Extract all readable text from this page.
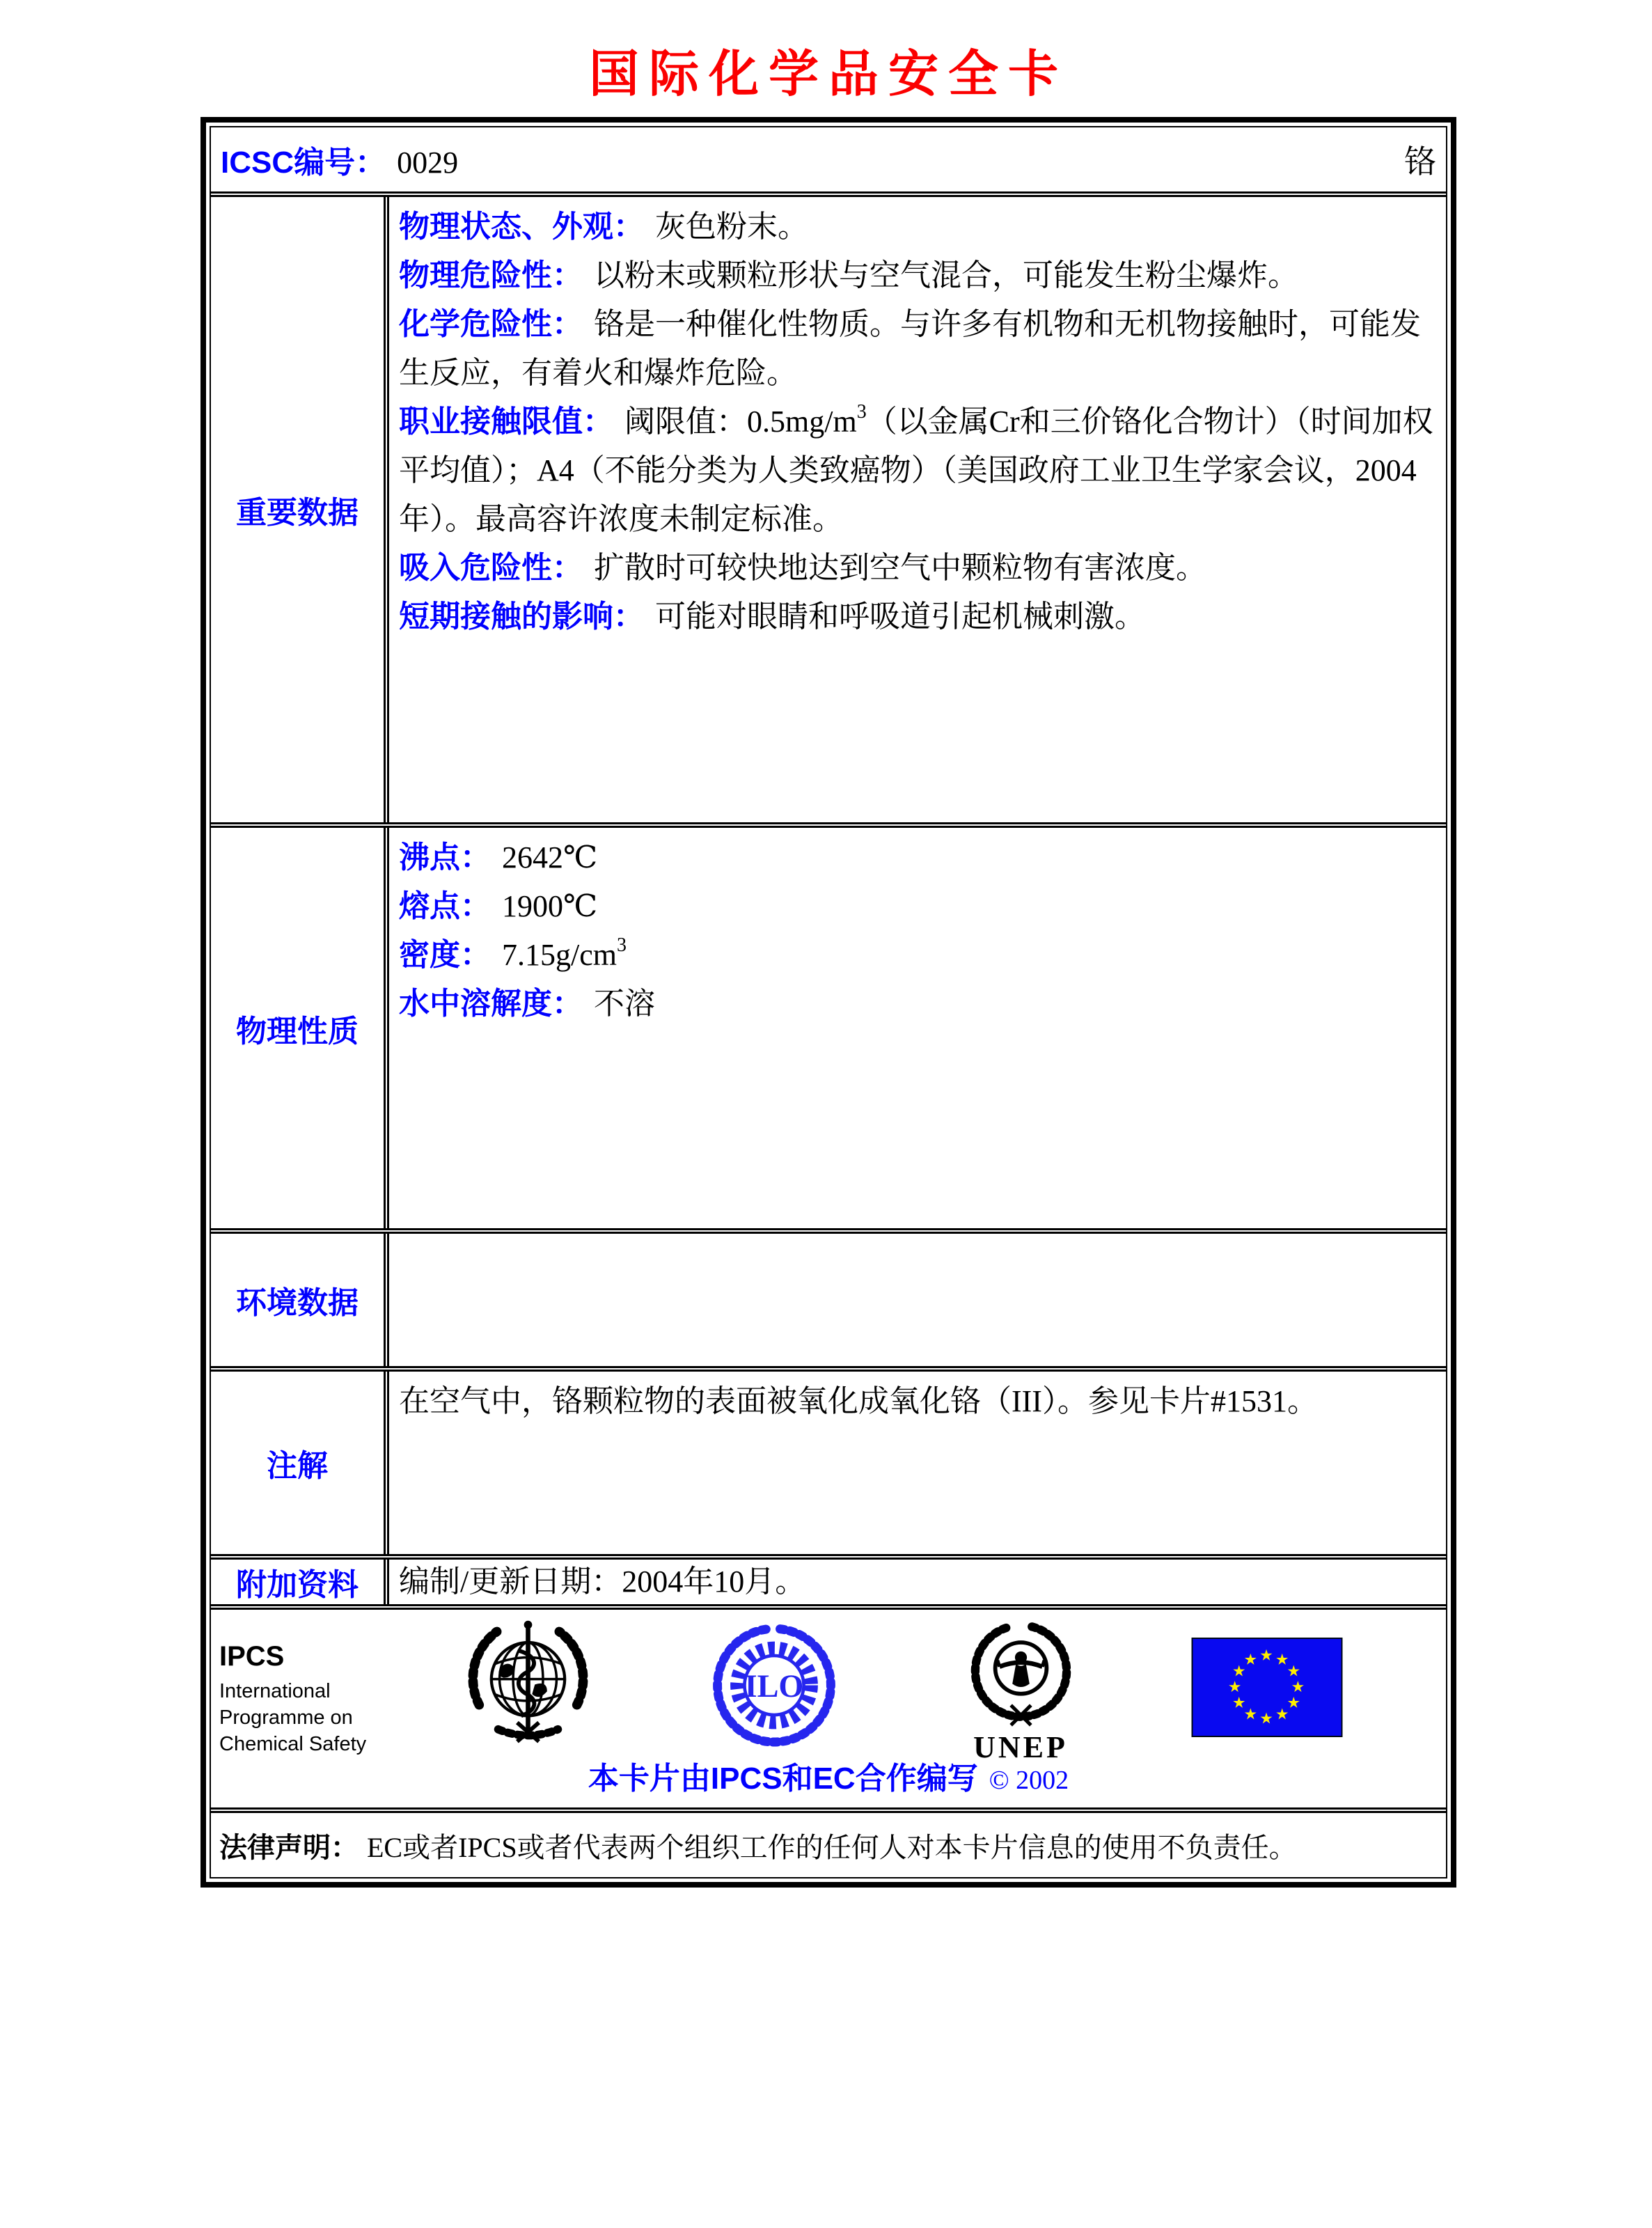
国际化学品安全卡
ICSC编号： 0029	铬
重要数据
物理状态、外观： 灰色粉末。
物理危险性： 以粉末或颗粒形状与空气混合，可能发生粉尘爆炸。
化学危险性： 铬是一种催化性物质。与许多有机物和无机物接触时，可能发生反应，有着火和爆炸危险。
职业接触限值： 阈限值：$0.5mg/m^3$（以金属Cr和三价铬化合物计）（时间加权平均值）；A4（不能分类为人类致癌物）（美国政府工业卫生学家会议，2004年）。最高容许浓度未制定标准。
吸入危险性： 扩散时可较快地达到空气中颗粒物有害浓度。
短期接触的影响： 可能对眼睛和呼吸道引起机械刺激。
物理性质
沸点： 2642℃
熔点： 1900℃
密度： $7.15g/cm^3$
水中溶解度： 不溶
环境数据
注解
在空气中，铬颗粒物的表面被氧化成氧化铬（III）。参见卡片#1531。
附加资料 编制/更新日期：2004年10月。
IPCS
International
Programme on
Chemical Safety
ILO
UNEP
本卡片由IPCS和EC合作编写 © 2002
法律声明： EC或者IPCS或者代表两个组织工作的任何人对本卡片信息的使用不负责任。
